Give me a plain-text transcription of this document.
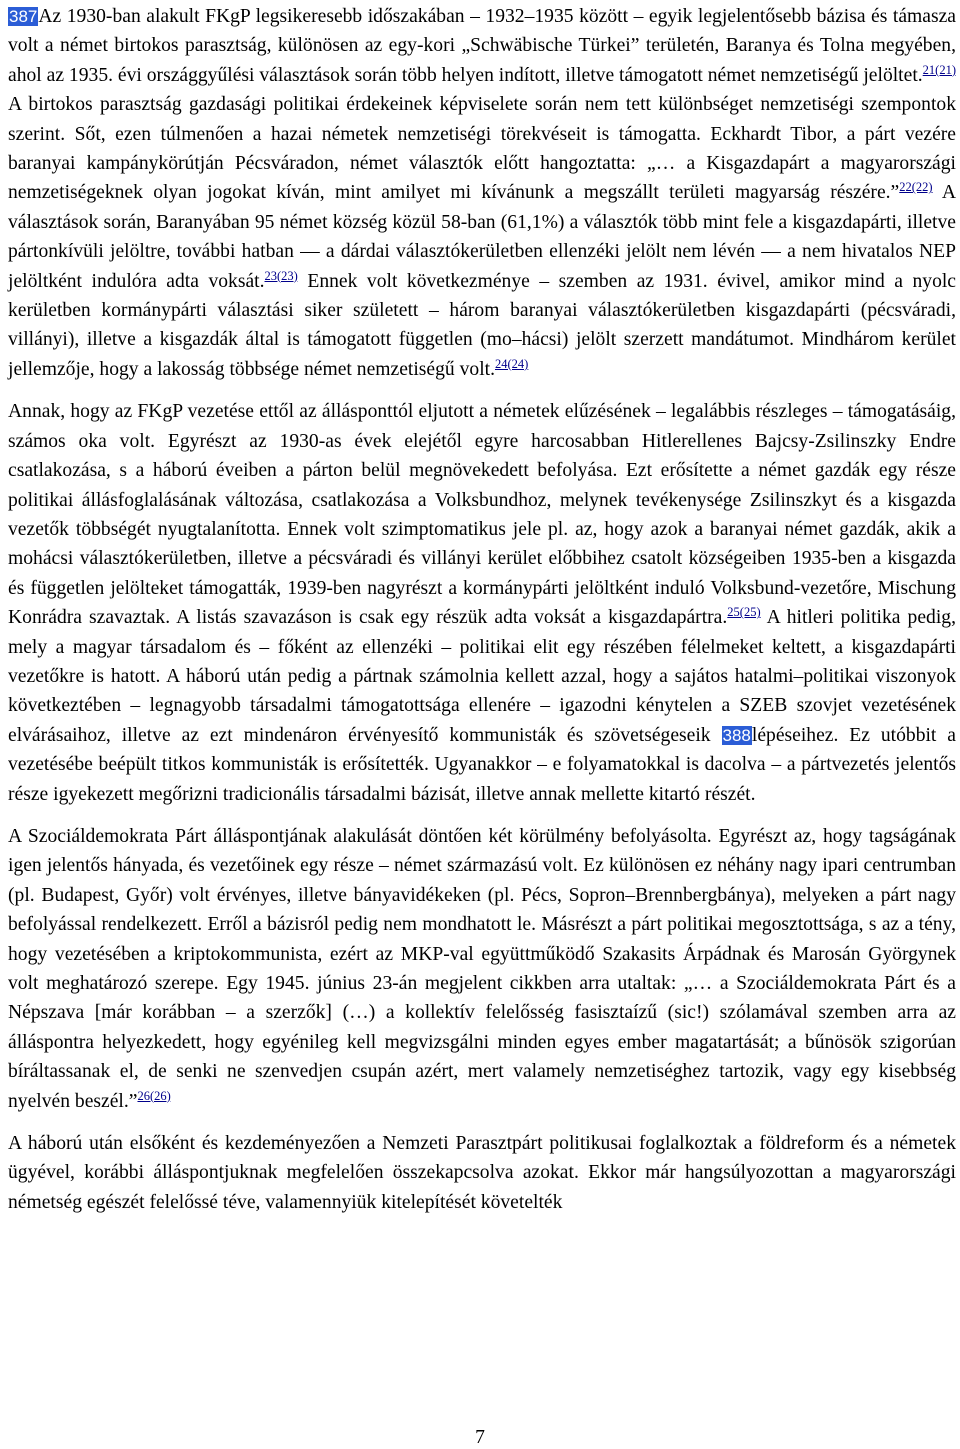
387Az 1930-ban alakult FKgP legsikeresebb időszakában – 1932–1935 között – egyik legjelentősebb bázisa és támasza volt a német birtokos parasztság, különösen az egy-kori „Schwäbische Türkei” területén, Baranya és Tolna megyében, ahol az 1935. évi országgyűlési választások során több helyen indított, illetve támogatott német nemzetiségű jelöltet.$^{21(21)}$ A birtokos parasztság gazdasági politikai érdekeinek képviselete során nem tett különbséget nemzetiségi szempontok szerint. Sőt, ezen túlmenően a hazai németek nemzetiségi törekvéseit is támogatta. Eckhardt Tibor, a párt vezére baranyai kampánykörútján Pécsváradon, német választók előtt hangoztatta: „… a Kisgazdapárt a magyarországi nemzetiségeknek olyan jogokat kíván, mint amilyet mi kívánunk a megszállt területi magyarság részére.”$^{22(22)}$ A választások során, Baranyában 95 német község közül 58-ban (61,1%) a választók több mint fele a kisgazdapárti, illetve pártonkívüli jelöltre, további hatban — a dárdai választókerületben ellenzéki jelölt nem lévén — a nem hivatalos NEP jelöltként indulóra adta voksát.$^{23(23)}$ Ennek volt következménye – szemben az 1931. évivel, amikor mind a nyolc kerületben kormánypárti választási siker született – három baranyai választókerületben kisgazdapárti (pécsváradi, villányi), illetve a kisgazdák által is támogatott független (mo–hácsi) jelölt szerzett mandátumot. Mindhárom kerület jellemzője, hogy a lakosság többsége német nemzetiségű volt.$^{24(24)}$

Annak, hogy az FKgP vezetése ettől az állásponttól eljutott a németek elűzésének – legalábbis részleges – támogatásáig, számos oka volt. Egyrészt az 1930-as évek elejétől egyre harcosabban Hitlerellenes Bajcsy-Zsilinszky Endre csatlakozása, s a háború éveiben a párton belül megnövekedett befolyása. Ezt erősítette a német gazdák egy része politikai állásfoglalásának változása, csatlakozása a Volksbundhoz, melynek tevékenysége Zsilinszkyt és a kisgazda vezetők többségét nyugtalanította. Ennek volt szimptomatikus jele pl. az, hogy azok a baranyai német gazdák, akik a mohácsi választókerületben, illetve a pécsváradi és villányi kerület előbbihez csatolt községeiben 1935-ben a kisgazda és független jelölteket támogatták, 1939-ben nagyrészt a kormánypárti jelöltként induló Volksbund-vezetőre, Mischung Konrádra szavaztak. A listás szavazáson is csak egy részük adta voksát a kisgazdapártra.$^{25(25)}$ A hitleri politika pedig, mely a magyar társadalom és – főként az ellenzéki – politikai elit egy részében félelmeket keltett, a kisgazdapárti vezetőkre is hatott. A háború után pedig a pártnak számolnia kellett azzal, hogy a sajátos hatalmi–politikai viszonyok következtében – legnagyobb társadalmi támogatottsága ellenére – igazodni kénytelen a SZEB szovjet vezetésének elvárásaihoz, illetve az ezt mindenáron érvényesítő kommunisták és szövetségeseik 388lépéseihez. Ez utóbbit a vezetésébe beépült titkos kommunisták is erősítették. Ugyanakkor – e folyamatokkal is dacolva – a pártvezetés jelentős része igyekezett megőrizni tradicionális társadalmi bázisát, illetve annak mellette kitartó részét.

A Szociáldemokrata Párt álláspontjának alakulását döntően két körülmény befolyásolta. Egyrészt az, hogy tagságának igen jelentős hányada, és vezetőinek egy része – német származású volt. Ez különösen ez néhány nagy ipari centrumban (pl. Budapest, Győr) volt érvényes, illetve bányavidékeken (pl. Pécs, Sopron–Brennbergbánya), melyeken a párt nagy befolyással rendelkezett. Erről a bázisról pedig nem mondhatott le. Másrészt a párt politikai megosztottsága, s az a tény, hogy vezetésében a kriptokommunista, ezért az MKP-val együttműködő Szakasits Árpádnak és Marosán Györgynek volt meghatározó szerepe. Egy 1945. június 23-án megjelent cikkben arra utaltak: „… a Szociáldemokrata Párt és a Népszava [már korábban – a szerzők] (…) a kollektív felelősség fasisztaízű (sic!) szólamával szemben arra az álláspontra helyezkedett, hogy egyénileg kell megvizsgálni minden egyes ember magatartását; a bűnösök szigorúan bíráltassanak el, de senki ne szenvedjen csupán azért, mert valamely nemzetiséghez tartozik, vagy egy kisebbség nyelvén beszél.”$^{26(26)}$

A háború után elsőként és kezdeményezően a Nemzeti Parasztpárt politikusai foglalkoztak a földreform és a németek ügyével, korábbi álláspontjuknak megfelelően összekapcsolva azokat. Ekkor már hangsúlyozottan a magyarországi németség egészét felelőssé téve, valamennyiük kitelepítését követelték

7
